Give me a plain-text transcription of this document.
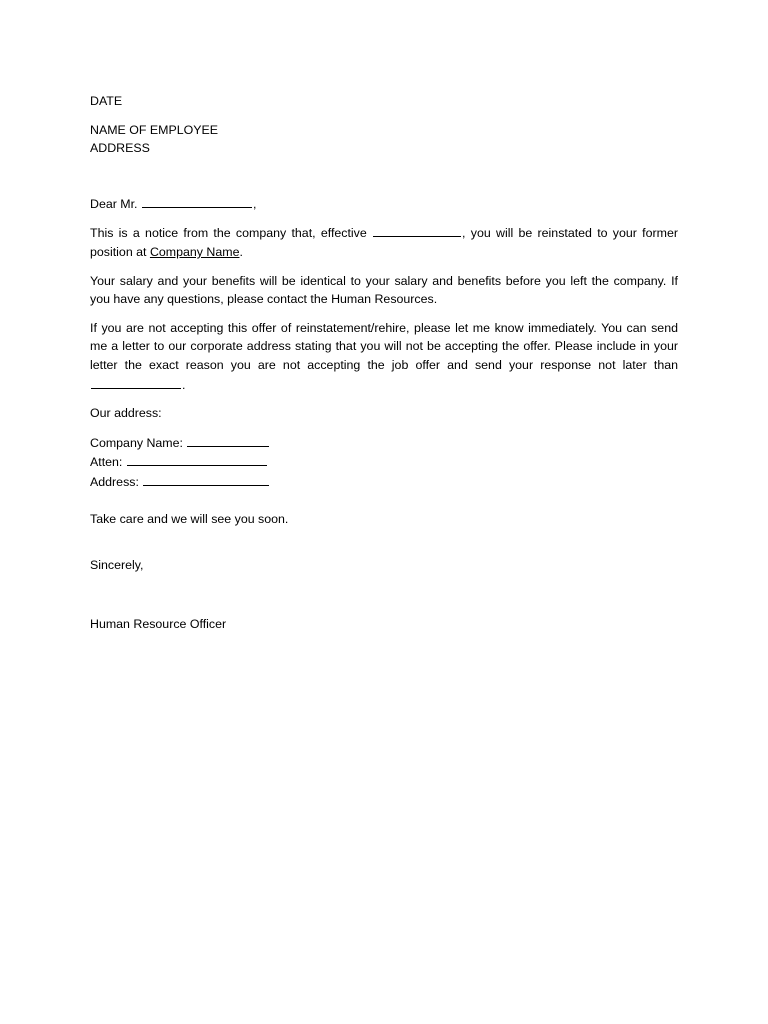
DATE
NAME OF EMPLOYEE
ADDRESS

Dear Mr.	,

This is a notice from the company that, effective	, you will be reinstated to your former position at Company Name.

Your salary and your benefits will be identical to your salary and benefits before you left the company. If you have any questions, please contact the Human Resources.

If you are not accepting this offer of reinstatement/rehire, please let me know immediately. You can send me a letter to our corporate address stating that you will not be accepting the offer. Please include in your letter the exact reason you are not accepting the job offer and send your response not later than .

Our address:
Company Name:
Atten:
Address:
Take care and we will see you soon.
Sincerely,
Human Resource Officer
